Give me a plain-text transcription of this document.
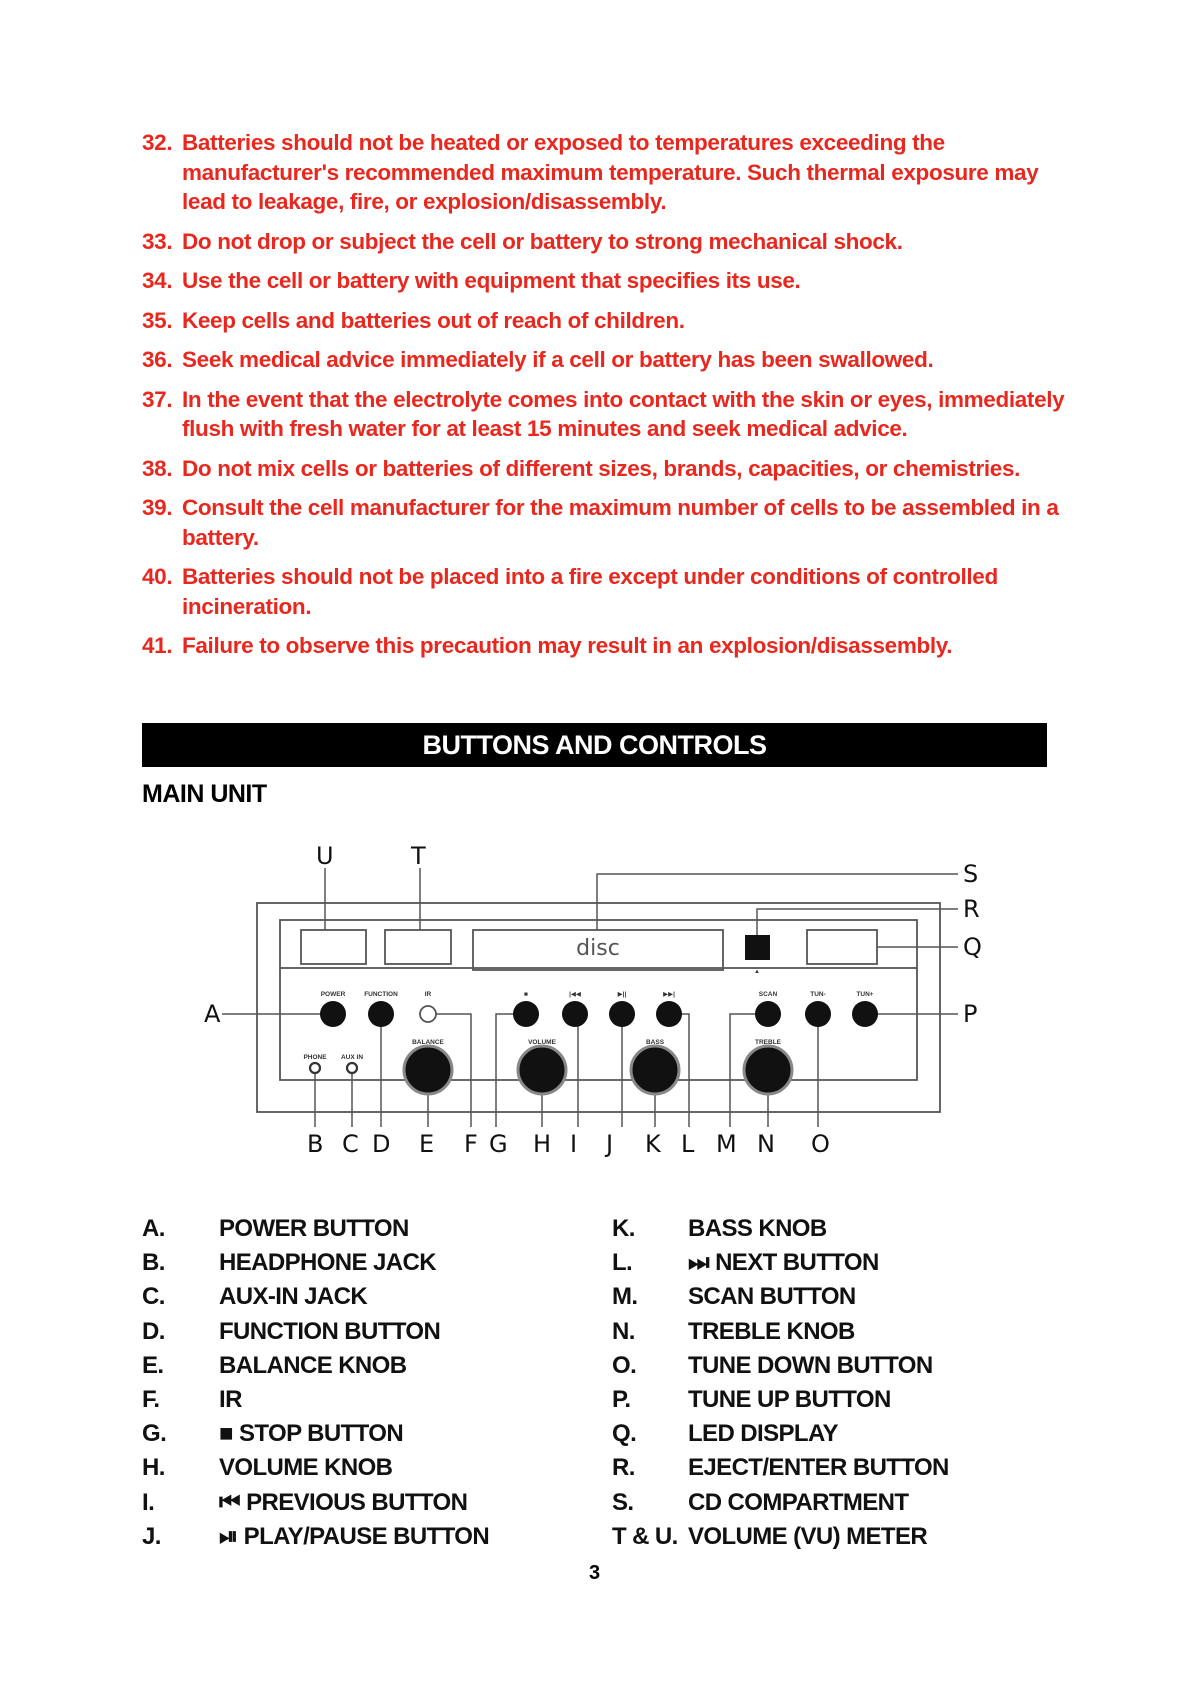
32. Batteries should not be heated or exposed to temperatures exceeding the manufacturer's recommended maximum temperature. Such thermal exposure may lead to leakage, fire, or explosion/disassembly.
33. Do not drop or subject the cell or battery to strong mechanical shock.
34. Use the cell or battery with equipment that specifies its use.
35. Keep cells and batteries out of reach of children.
36. Seek medical advice immediately if a cell or battery has been swallowed.
37. In the event that the electrolyte comes into contact with the skin or eyes, immediately flush with fresh water for at least 15 minutes and seek medical advice.
38. Do not mix cells or batteries of different sizes, brands, capacities, or chemistries.
39. Consult the cell manufacturer for the maximum number of cells to be assembled in a battery.
40. Batteries should not be placed into a fire except under conditions of controlled incineration.
41. Failure to observe this precaution may result in an explosion/disassembly.
BUTTONS AND CONTROLS
MAIN UNIT
disc
▲
POWER	FUNCTION	IR	■	|◀◀	▶||	▶▶|	SCAN	TUN-	TUN+
PHONE AUX IN
BALANCE	VOLUME	BASS	TREBLE
U	T
S
R
Q
P
A
B C D E F G H I J K L M N O
A.	POWER BUTTON
B.	HEADPHONE JACK
C.	AUX-IN JACK
D.	FUNCTION BUTTON
E.	BALANCE KNOB
F.	IR
G.	■ STOP BUTTON
H.	VOLUME KNOB
I.	⏮ PREVIOUS BUTTON
J.	⏯ PLAY/PAUSE BUTTON
K.	BASS KNOB
L.	⏭ NEXT BUTTON
M.	SCAN BUTTON
N.	TREBLE KNOB
O.	TUNE DOWN BUTTON
P.	TUNE UP BUTTON
Q.	LED DISPLAY
R.	EJECT/ENTER BUTTON
S.	CD COMPARTMENT
T & U. VOLUME (VU) METER
3
